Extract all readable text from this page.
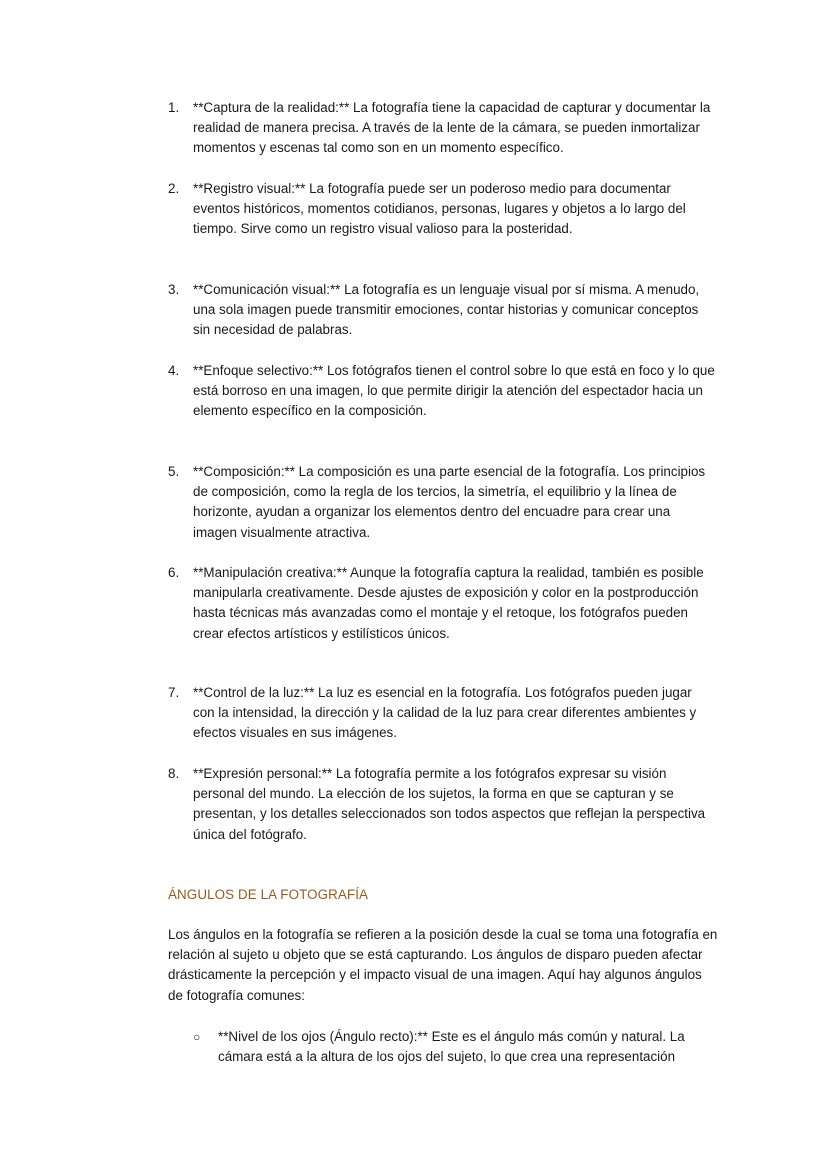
1.	**Captura de la realidad:** La fotografía tiene la capacidad de capturar y documentar la realidad de manera precisa. A través de la lente de la cámara, se pueden inmortalizar momentos y escenas tal como son en un momento específico.
2.	**Registro visual:** La fotografía puede ser un poderoso medio para documentar eventos históricos, momentos cotidianos, personas, lugares y objetos a lo largo del tiempo. Sirve como un registro visual valioso para la posteridad.
3.	**Comunicación visual:** La fotografía es un lenguaje visual por sí misma. A menudo, una sola imagen puede transmitir emociones, contar historias y comunicar conceptos sin necesidad de palabras.
4.	**Enfoque selectivo:** Los fotógrafos tienen el control sobre lo que está en foco y lo que está borroso en una imagen, lo que permite dirigir la atención del espectador hacia un elemento específico en la composición.
5.	**Composición:** La composición es una parte esencial de la fotografía. Los principios de composición, como la regla de los tercios, la simetría, el equilibrio y la línea de horizonte, ayudan a organizar los elementos dentro del encuadre para crear una imagen visualmente atractiva.
6.	**Manipulación creativa:** Aunque la fotografía captura la realidad, también es posible manipularla creativamente. Desde ajustes de exposición y color en la postproducción hasta técnicas más avanzadas como el montaje y el retoque, los fotógrafos pueden crear efectos artísticos y estilísticos únicos.
7.	**Control de la luz:** La luz es esencial en la fotografía. Los fotógrafos pueden jugar con la intensidad, la dirección y la calidad de la luz para crear diferentes ambientes y efectos visuales en sus imágenes.
8.	**Expresión personal:** La fotografía permite a los fotógrafos expresar su visión personal del mundo. La elección de los sujetos, la forma en que se capturan y se presentan, y los detalles seleccionados son todos aspectos que reflejan la perspectiva única del fotógrafo.
ÁNGULOS DE LA FOTOGRAFÍA
Los ángulos en la fotografía se refieren a la posición desde la cual se toma una fotografía en relación al sujeto u objeto que se está capturando. Los ángulos de disparo pueden afectar drásticamente la percepción y el impacto visual de una imagen. Aquí hay algunos ángulos de fotografía comunes:
○	**Nivel de los ojos (Ángulo recto):** Este es el ángulo más común y natural. La cámara está a la altura de los ojos del sujeto, lo que crea una representación
